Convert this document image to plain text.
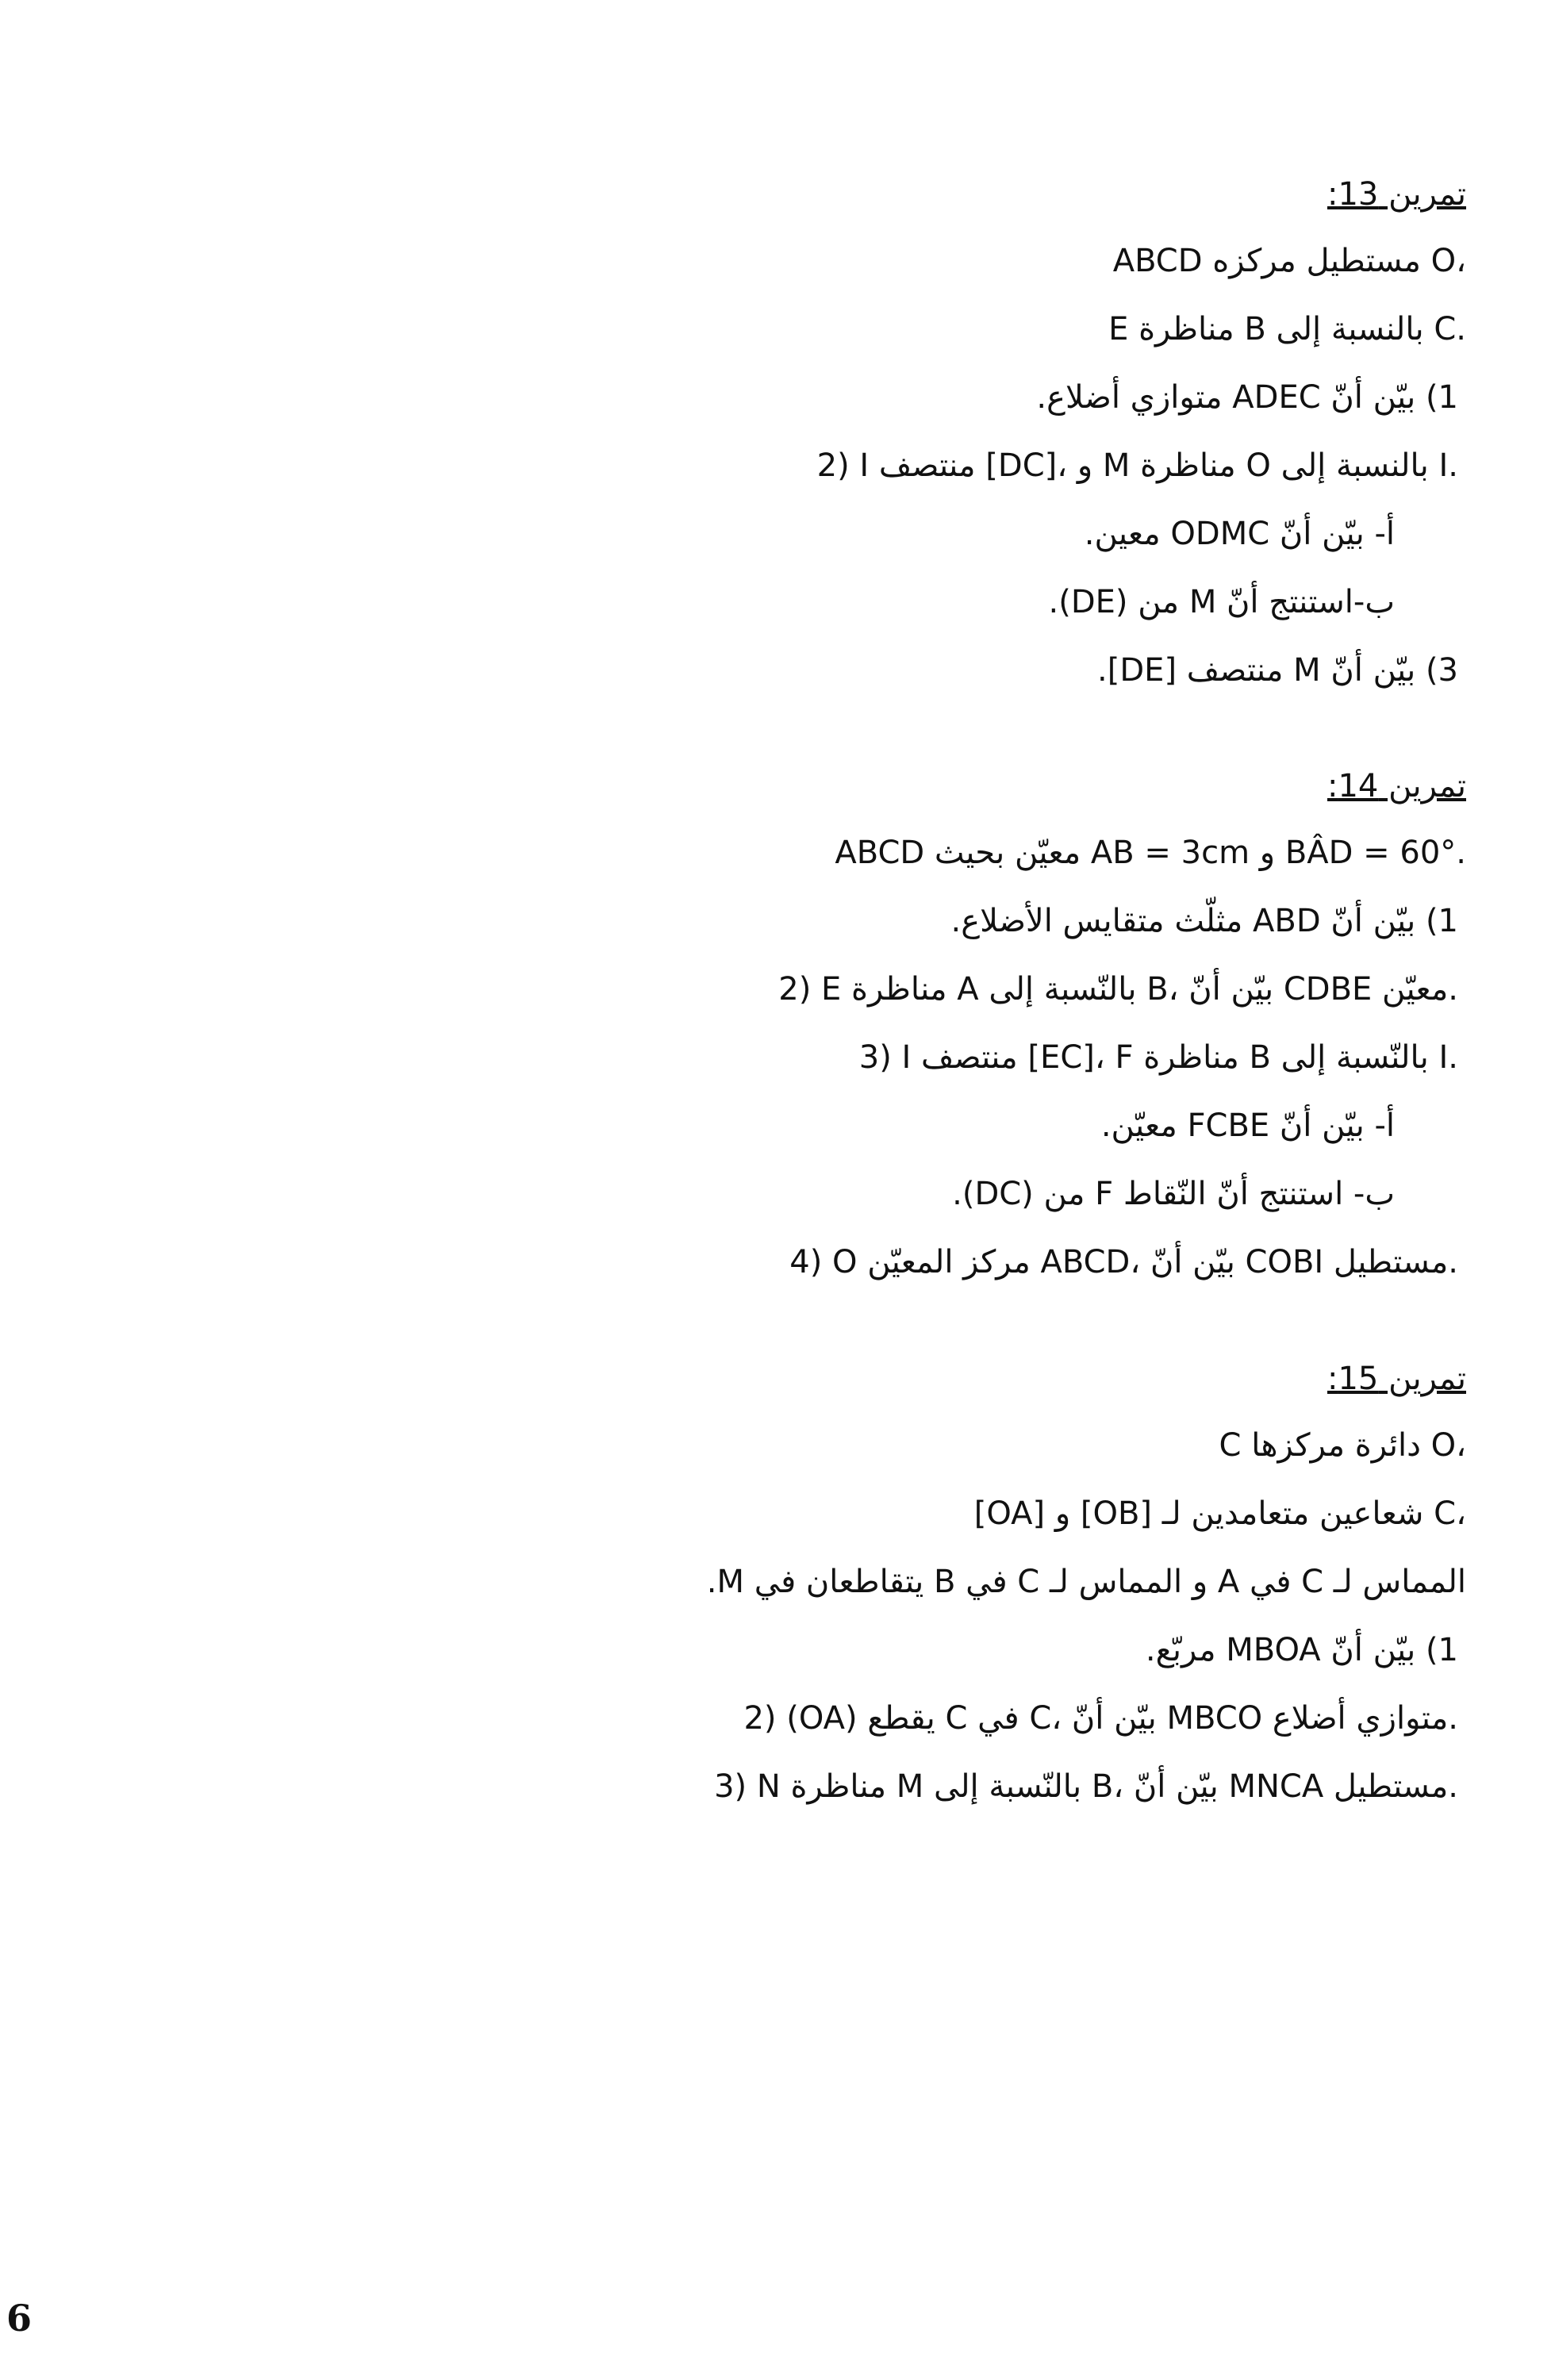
تمرين 13:
ABCD مستطيل مركزه O،
E مناظرة B بالنسبة إلى C.
1) بيّن أنّ ADEC متوازي أضلاع.
2) I منتصف [DC]، و M مناظرة O بالنسبة إلى I.
أ- بيّن أنّ ODMC معين.
ب-استنتج أنّ M من (DE).
3) بيّن أنّ M منتصف [DE].
تمرين 14:
ABCD معيّن بحيث AB = 3cm و BÂD = 60°.
1) بيّن أنّ ABD مثلّث متقايس الأضلاع.
2) E مناظرة A بالنّسبة إلى B، بيّن أنّ CDBE معيّن.
3) I منتصف [EC]، F مناظرة B بالنّسبة إلى I.
أ- بيّن أنّ FCBE معيّن.
ب- استنتج أنّ النّقاط F من (DC).
4) O مركز المعيّن ABCD، بيّن أنّ COBI مستطيل.
تمرين 15:
C دائرة مركزها O،
[OA] و [OB] شعاعين متعامدين لـ C،
المماس لـ C في A و المماس لـ C في B يتقاطعان في M.
1) بيّن أنّ MBOA مربّع.
2) (OA) يقطع C في C، بيّن أنّ MBCO متوازي أضلاع.
3) N مناظرة M بالنّسبة إلى B، بيّن أنّ MNCA مستطيل.
6
